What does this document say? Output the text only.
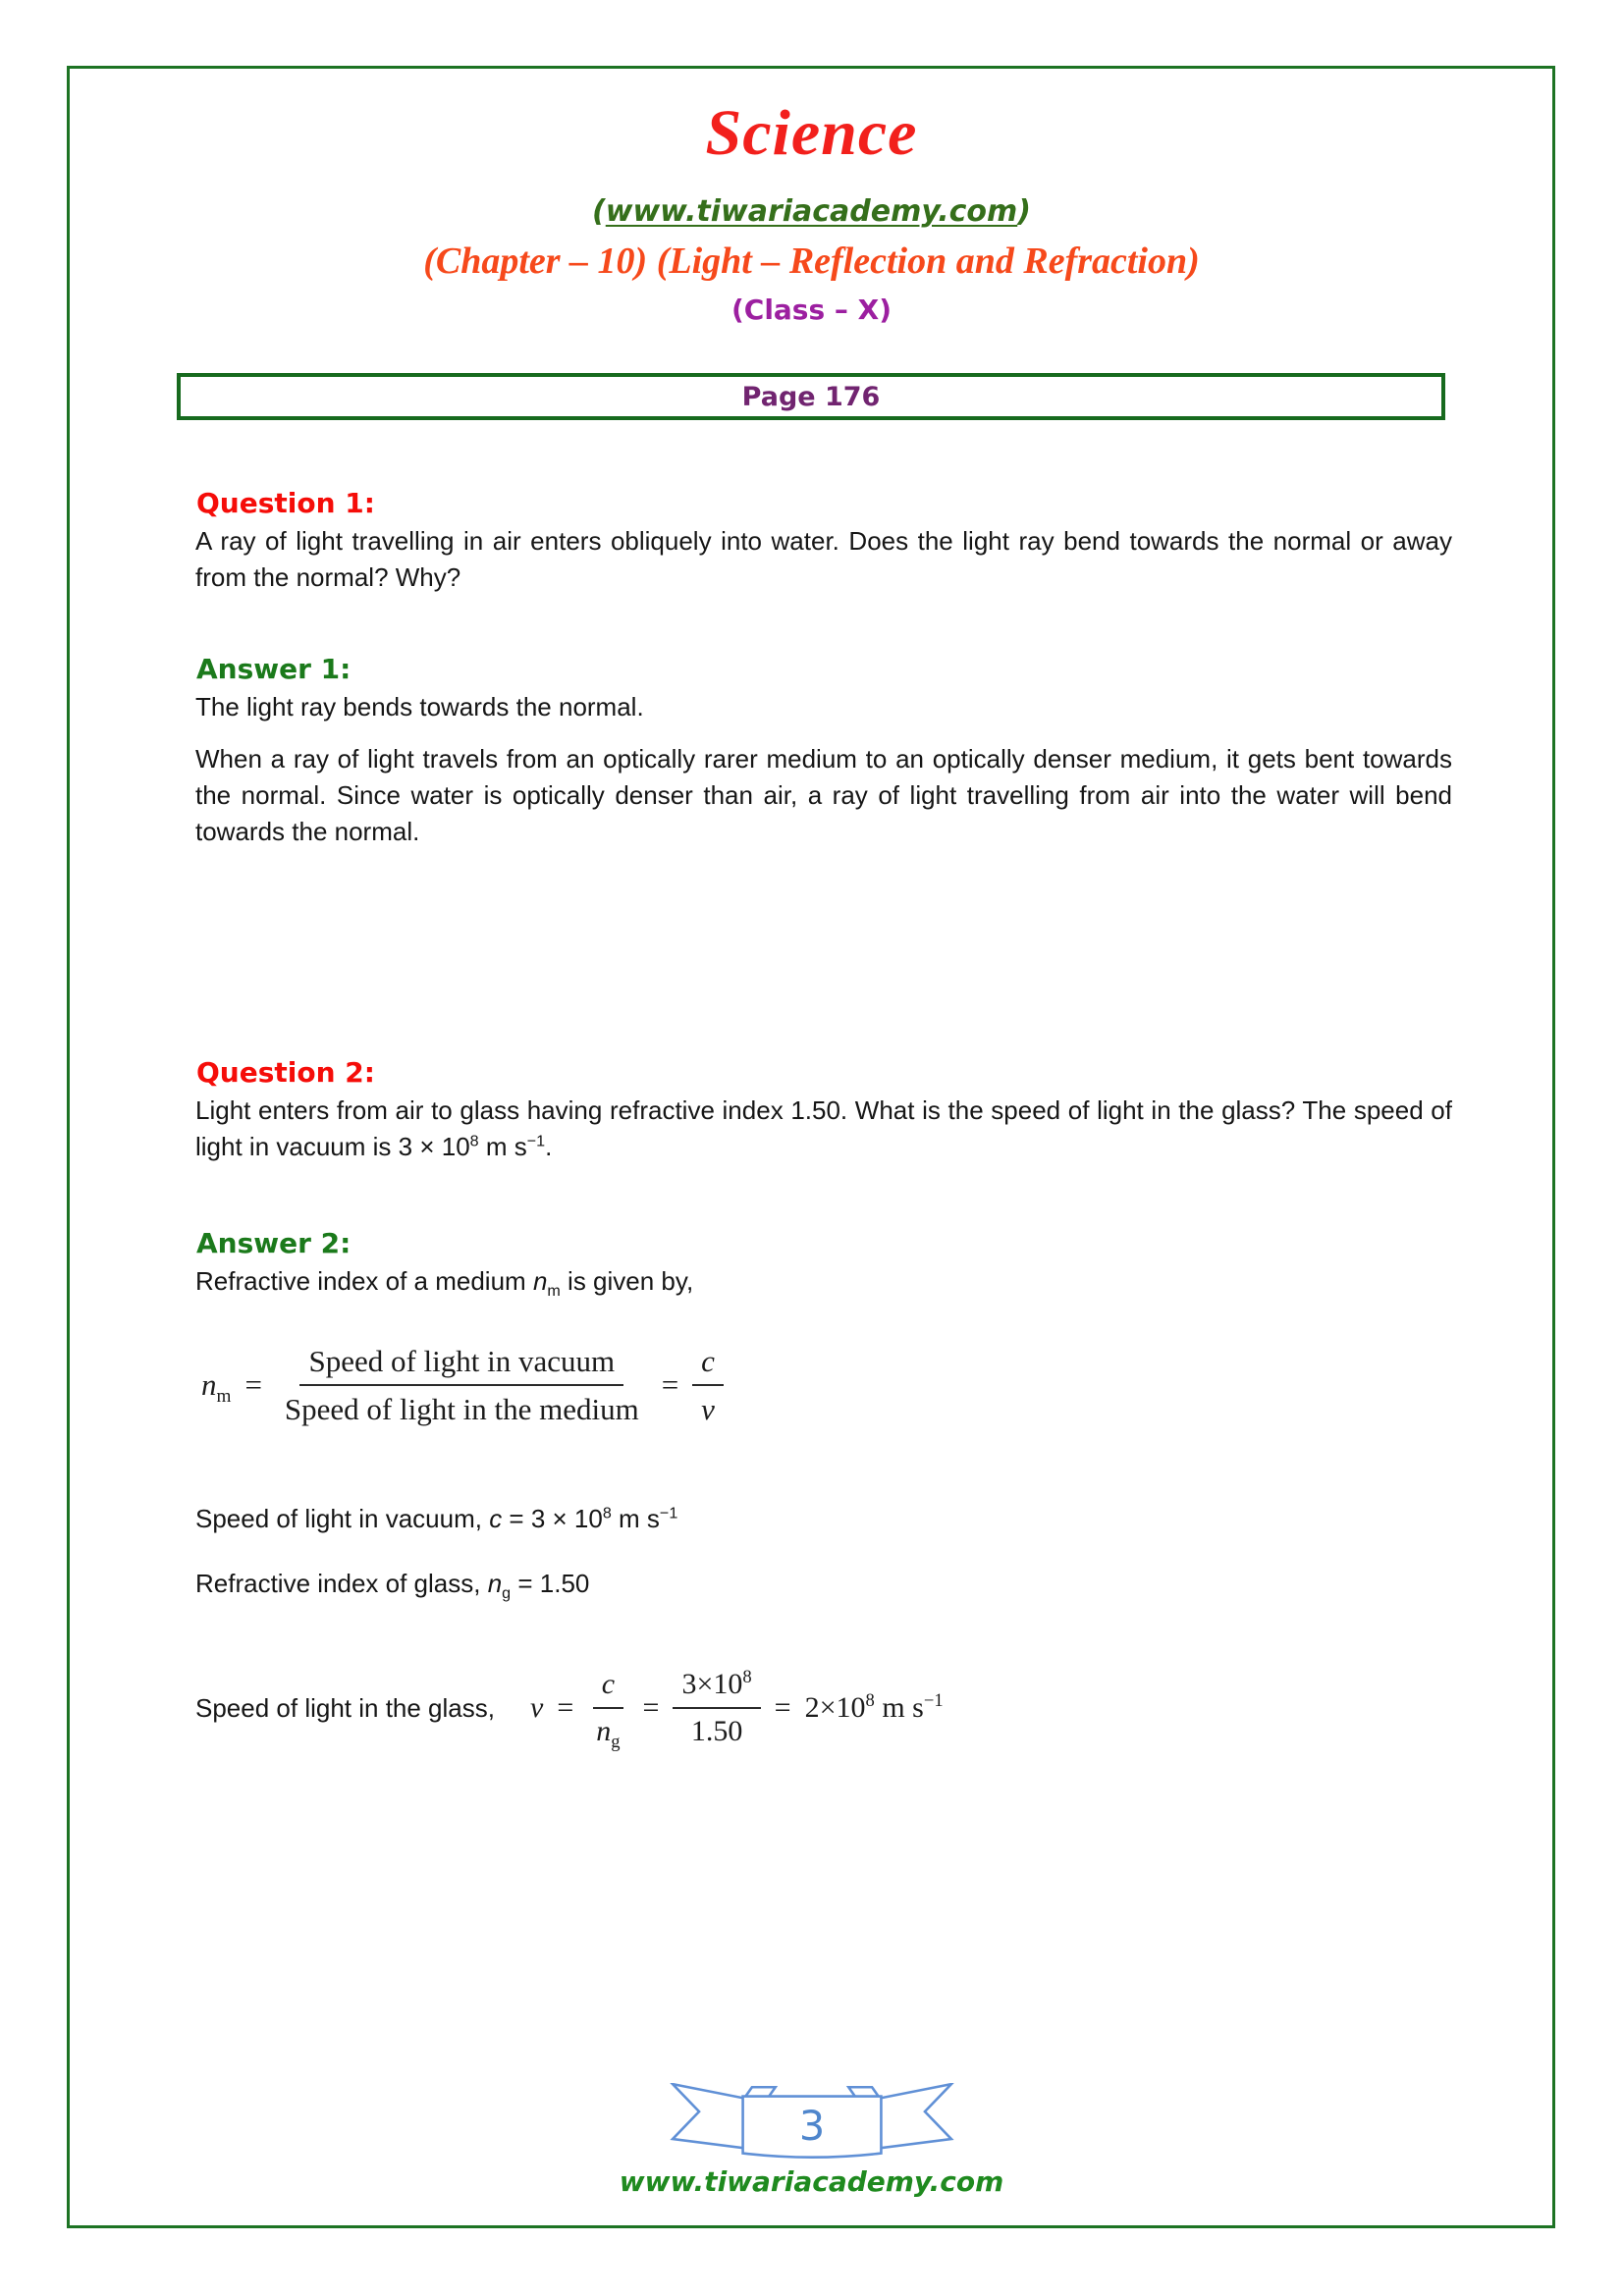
Science
(www.tiwariacademy.com)
(Chapter – 10) (Light – Reflection and Refraction)
(Class – X)
Page 176
Question 1:

A ray of light travelling in air enters obliquely into water. Does the light ray bend towards the normal or away from the normal? Why?

Answer 1:

The light ray bends towards the normal.

When a ray of light travels from an optically rarer medium to an optically denser medium, it gets bent towards the normal. Since water is optically denser than air, a ray of light travelling from air into the water will bend towards the normal.

Question 2:

Light enters from air to glass having refractive index 1.50. What is the speed of light in the glass? The speed of light in vacuum is $3 \times 10^8$ m $s^{-1}$.

Answer 2:

Refractive index of a medium $n_m$ is given by,

$n_m = \frac{\text{Speed of light in vacuum}}{\text{Speed of light in the medium}} = \frac{c}{v}$

Speed of light in vacuum, $c = 3 \times 10^8$ m $s^{-1}$

Refractive index of glass, $n_g = 1.50$

Speed of light in the glass, $v = \frac{c}{n_g} = \frac{3\times 10^8}{1.50} = 2\times 10^8$ m $s^{-1}$
3
www.tiwariacademy.com
